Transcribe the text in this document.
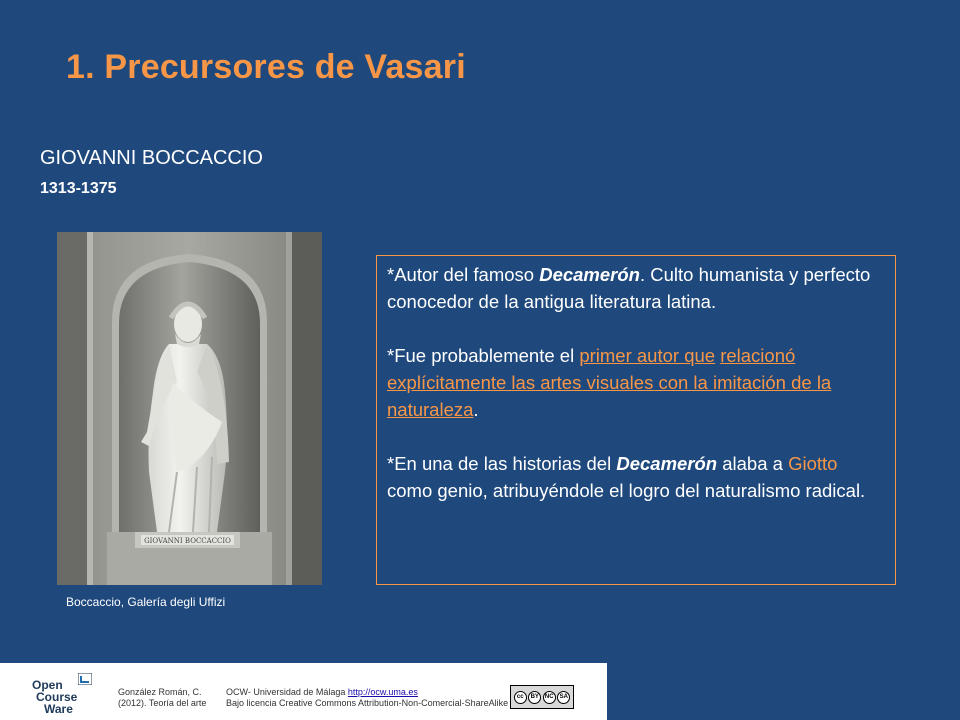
1. Precursores de Vasari
GIOVANNI BOCCACCIO
1313-1375
GIOVANNI BOCCACCIO
Boccaccio, Galería degli Uffizi

*Autor del famoso Decamerón. Culto humanista y perfecto conocedor de la antigua literatura latina.

*Fue probablemente el primer autor que relacionó explícitamente las artes visuales con la imitación de la naturaleza.

*En una de las historias del Decamerón alaba a Giotto como genio, atribuyéndole el logro del naturalismo radical.

Open
Course
Ware
González Román, C.
(2012). Teoría del arte
OCW- Universidad de Málaga http://ocw.uma.es
Bajo licencia Creative Commons Attribution-Non-Comercial-ShareAlike
cc	BY NC	SA
